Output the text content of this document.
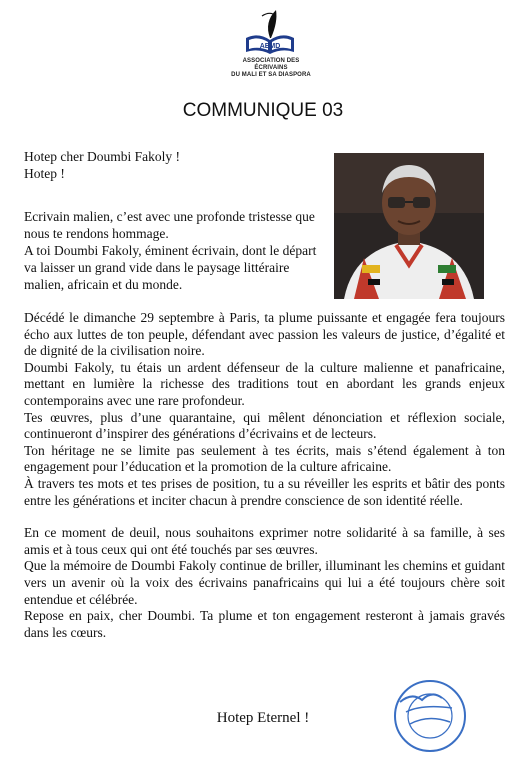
AEMD
ASSOCIATION DES ÉCRIVAINS
DU MALI ET SA DIASPORA
COMMUNIQUE 03

Hotep cher Doumbi Fakoly !

Hotep !

Ecrivain malien, c’est avec une profonde tristesse que nous te rendons hommage.

A toi Doumbi Fakoly, éminent écrivain, dont le départ va laisser un grand vide dans le paysage littéraire malien, africain et du monde.

Décédé le dimanche 29 septembre à Paris, ta plume puissante et engagée fera toujours écho aux luttes de ton peuple, défendant avec passion les valeurs de justice, d’égalité et de dignité de la civilisation noire.

Doumbi Fakoly, tu étais un ardent défenseur de la culture malienne et panafricaine, mettant en lumière la richesse des traditions tout en abordant les grands enjeux contemporains avec une rare profondeur.

Tes œuvres, plus d’une quarantaine, qui mêlent dénonciation et réflexion sociale, continueront d’inspirer des générations d’écrivains et de lecteurs.

Ton héritage ne se limite pas seulement à tes écrits, mais s’étend également à ton engagement pour l’éducation et la promotion de la culture africaine.

À travers tes mots et tes prises de position, tu a su réveiller les esprits et bâtir des ponts entre les générations et inciter chacun à prendre conscience de son identité réelle.

En ce moment de deuil, nous souhaitons exprimer notre solidarité à sa famille, à ses amis et à tous ceux qui ont été touchés par ses œuvres.

Que la mémoire de Doumbi Fakoly continue de briller, illuminant les chemins et guidant vers un avenir où la voix des écrivains panafricains qui lui a été toujours chère soit entendue et célébrée.

Repose en paix, cher Doumbi. Ta plume et ton engagement resteront à jamais gravés dans les cœurs.

Hotep Eternel !
